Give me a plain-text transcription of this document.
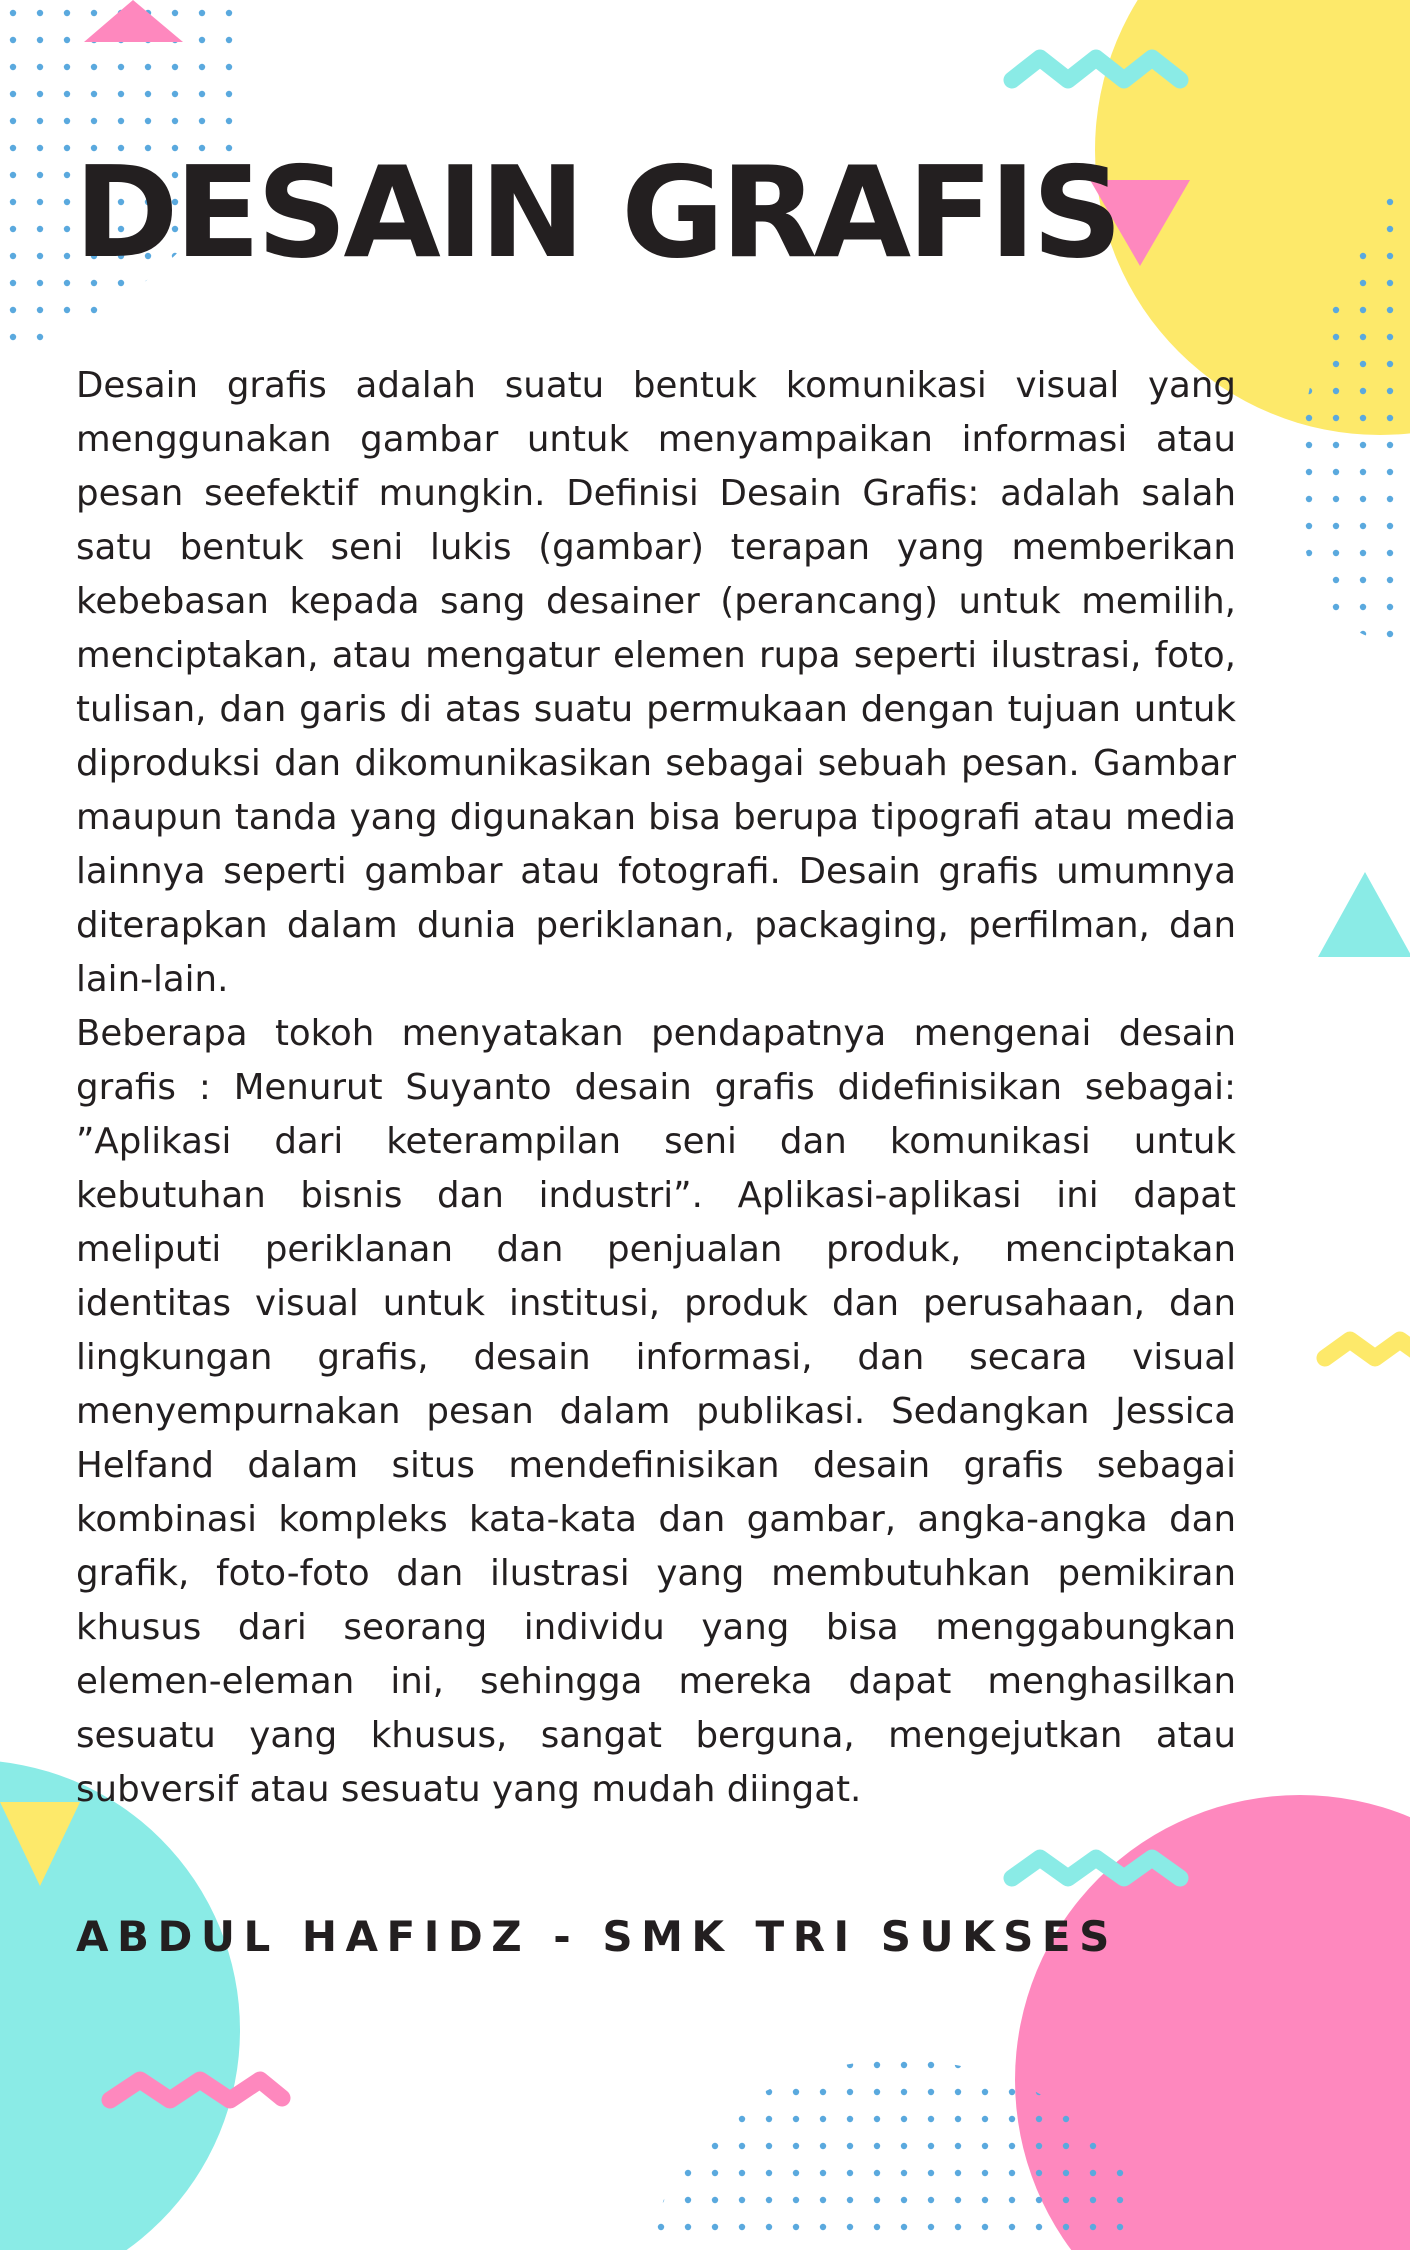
DESAIN GRAFIS

Desain grafis adalah suatu bentuk komunikasi visual yang menggunakan gambar untuk menyampaikan informasi atau pesan seefektif mungkin. Definisi Desain Grafis: adalah salah satu bentuk seni lukis (gambar) terapan yang memberikan kebebasan kepada sang desainer (perancang) untuk memilih, menciptakan, atau mengatur elemen rupa seperti ilustrasi, foto, tulisan, dan garis di atas suatu permukaan dengan tujuan untuk diproduksi dan dikomunikasikan sebagai sebuah pesan. Gambar maupun tanda yang digunakan bisa berupa tipografi atau media lainnya seperti gambar atau fotografi. Desain grafis umumnya diterapkan dalam dunia periklanan, packaging, perfilman, dan lain-lain.

Beberapa tokoh menyatakan pendapatnya mengenai desain grafis : Menurut Suyanto desain grafis didefinisikan sebagai: ”Aplikasi dari keterampilan seni dan komunikasi untuk kebutuhan bisnis dan industri”. Aplikasi-aplikasi ini dapat meliputi periklanan dan penjualan produk, menciptakan identitas visual untuk institusi, produk dan perusahaan, dan lingkungan grafis, desain informasi, dan secara visual menyempurnakan pesan dalam publikasi. Sedangkan Jessica Helfand dalam situs mendefinisikan desain grafis sebagai kombinasi kompleks kata-kata dan gambar, angka-angka dan grafik, foto-foto dan ilustrasi yang membutuhkan pemikiran khusus dari seorang individu yang bisa menggabungkan elemen-eleman ini, sehingga mereka dapat menghasilkan sesuatu yang khusus, sangat berguna, mengejutkan atau subversif atau sesuatu yang mudah diingat.

ABDUL HAFIDZ - SMK TRI SUKSES
